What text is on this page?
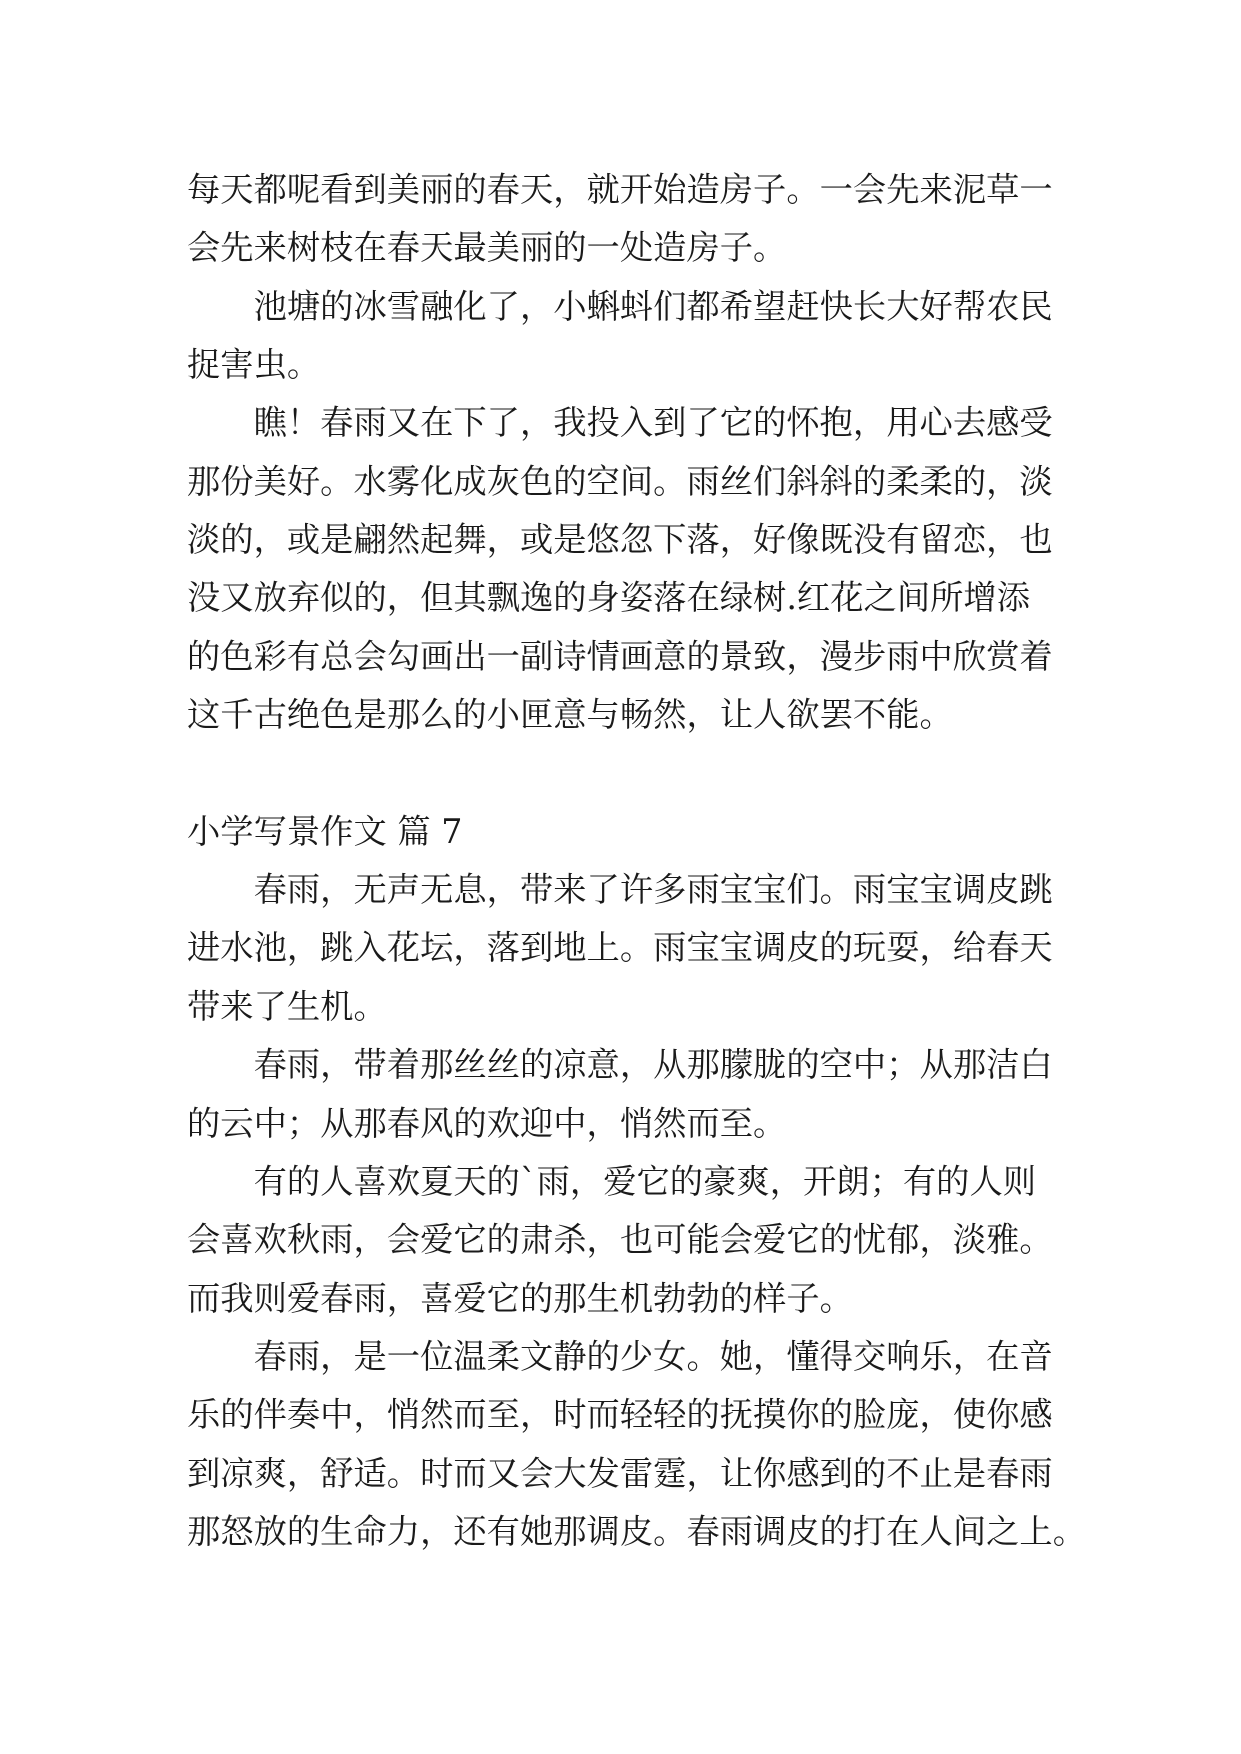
每天都呢看到美丽的春天，就开始造房子。一会先来泥草一
会先来树枝在春天最美丽的一处造房子。
池塘的冰雪融化了，小蝌蚪们都希望赶快长大好帮农民
捉害虫。
瞧！春雨又在下了，我投入到了它的怀抱，用心去感受
那份美好。水雾化成灰色的空间。雨丝们斜斜的柔柔的，淡
淡的，或是翩然起舞，或是悠忽下落，好像既没有留恋，也
没又放弃似的，但其飘逸的身姿落在绿树.红花之间所增添
的色彩有总会勾画出一副诗情画意的景致，漫步雨中欣赏着
这千古绝色是那么的小匣意与畅然，让人欲罢不能。
小学写景作文 篇 7
春雨，无声无息，带来了许多雨宝宝们。雨宝宝调皮跳
进水池，跳入花坛，落到地上。雨宝宝调皮的玩耍，给春天
带来了生机。
春雨，带着那丝丝的凉意，从那朦胧的空中；从那洁白
的云中；从那春风的欢迎中，悄然而至。
有的人喜欢夏天的`雨，爱它的豪爽，开朗；有的人则
会喜欢秋雨，会爱它的肃杀，也可能会爱它的忧郁，淡雅。
而我则爱春雨，喜爱它的那生机勃勃的样子。
春雨，是一位温柔文静的少女。她，懂得交响乐，在音
乐的伴奏中，悄然而至，时而轻轻的抚摸你的脸庞，使你感
到凉爽，舒适。时而又会大发雷霆，让你感到的不止是春雨
那怒放的生命力，还有她那调皮。春雨调皮的打在人间之上。
